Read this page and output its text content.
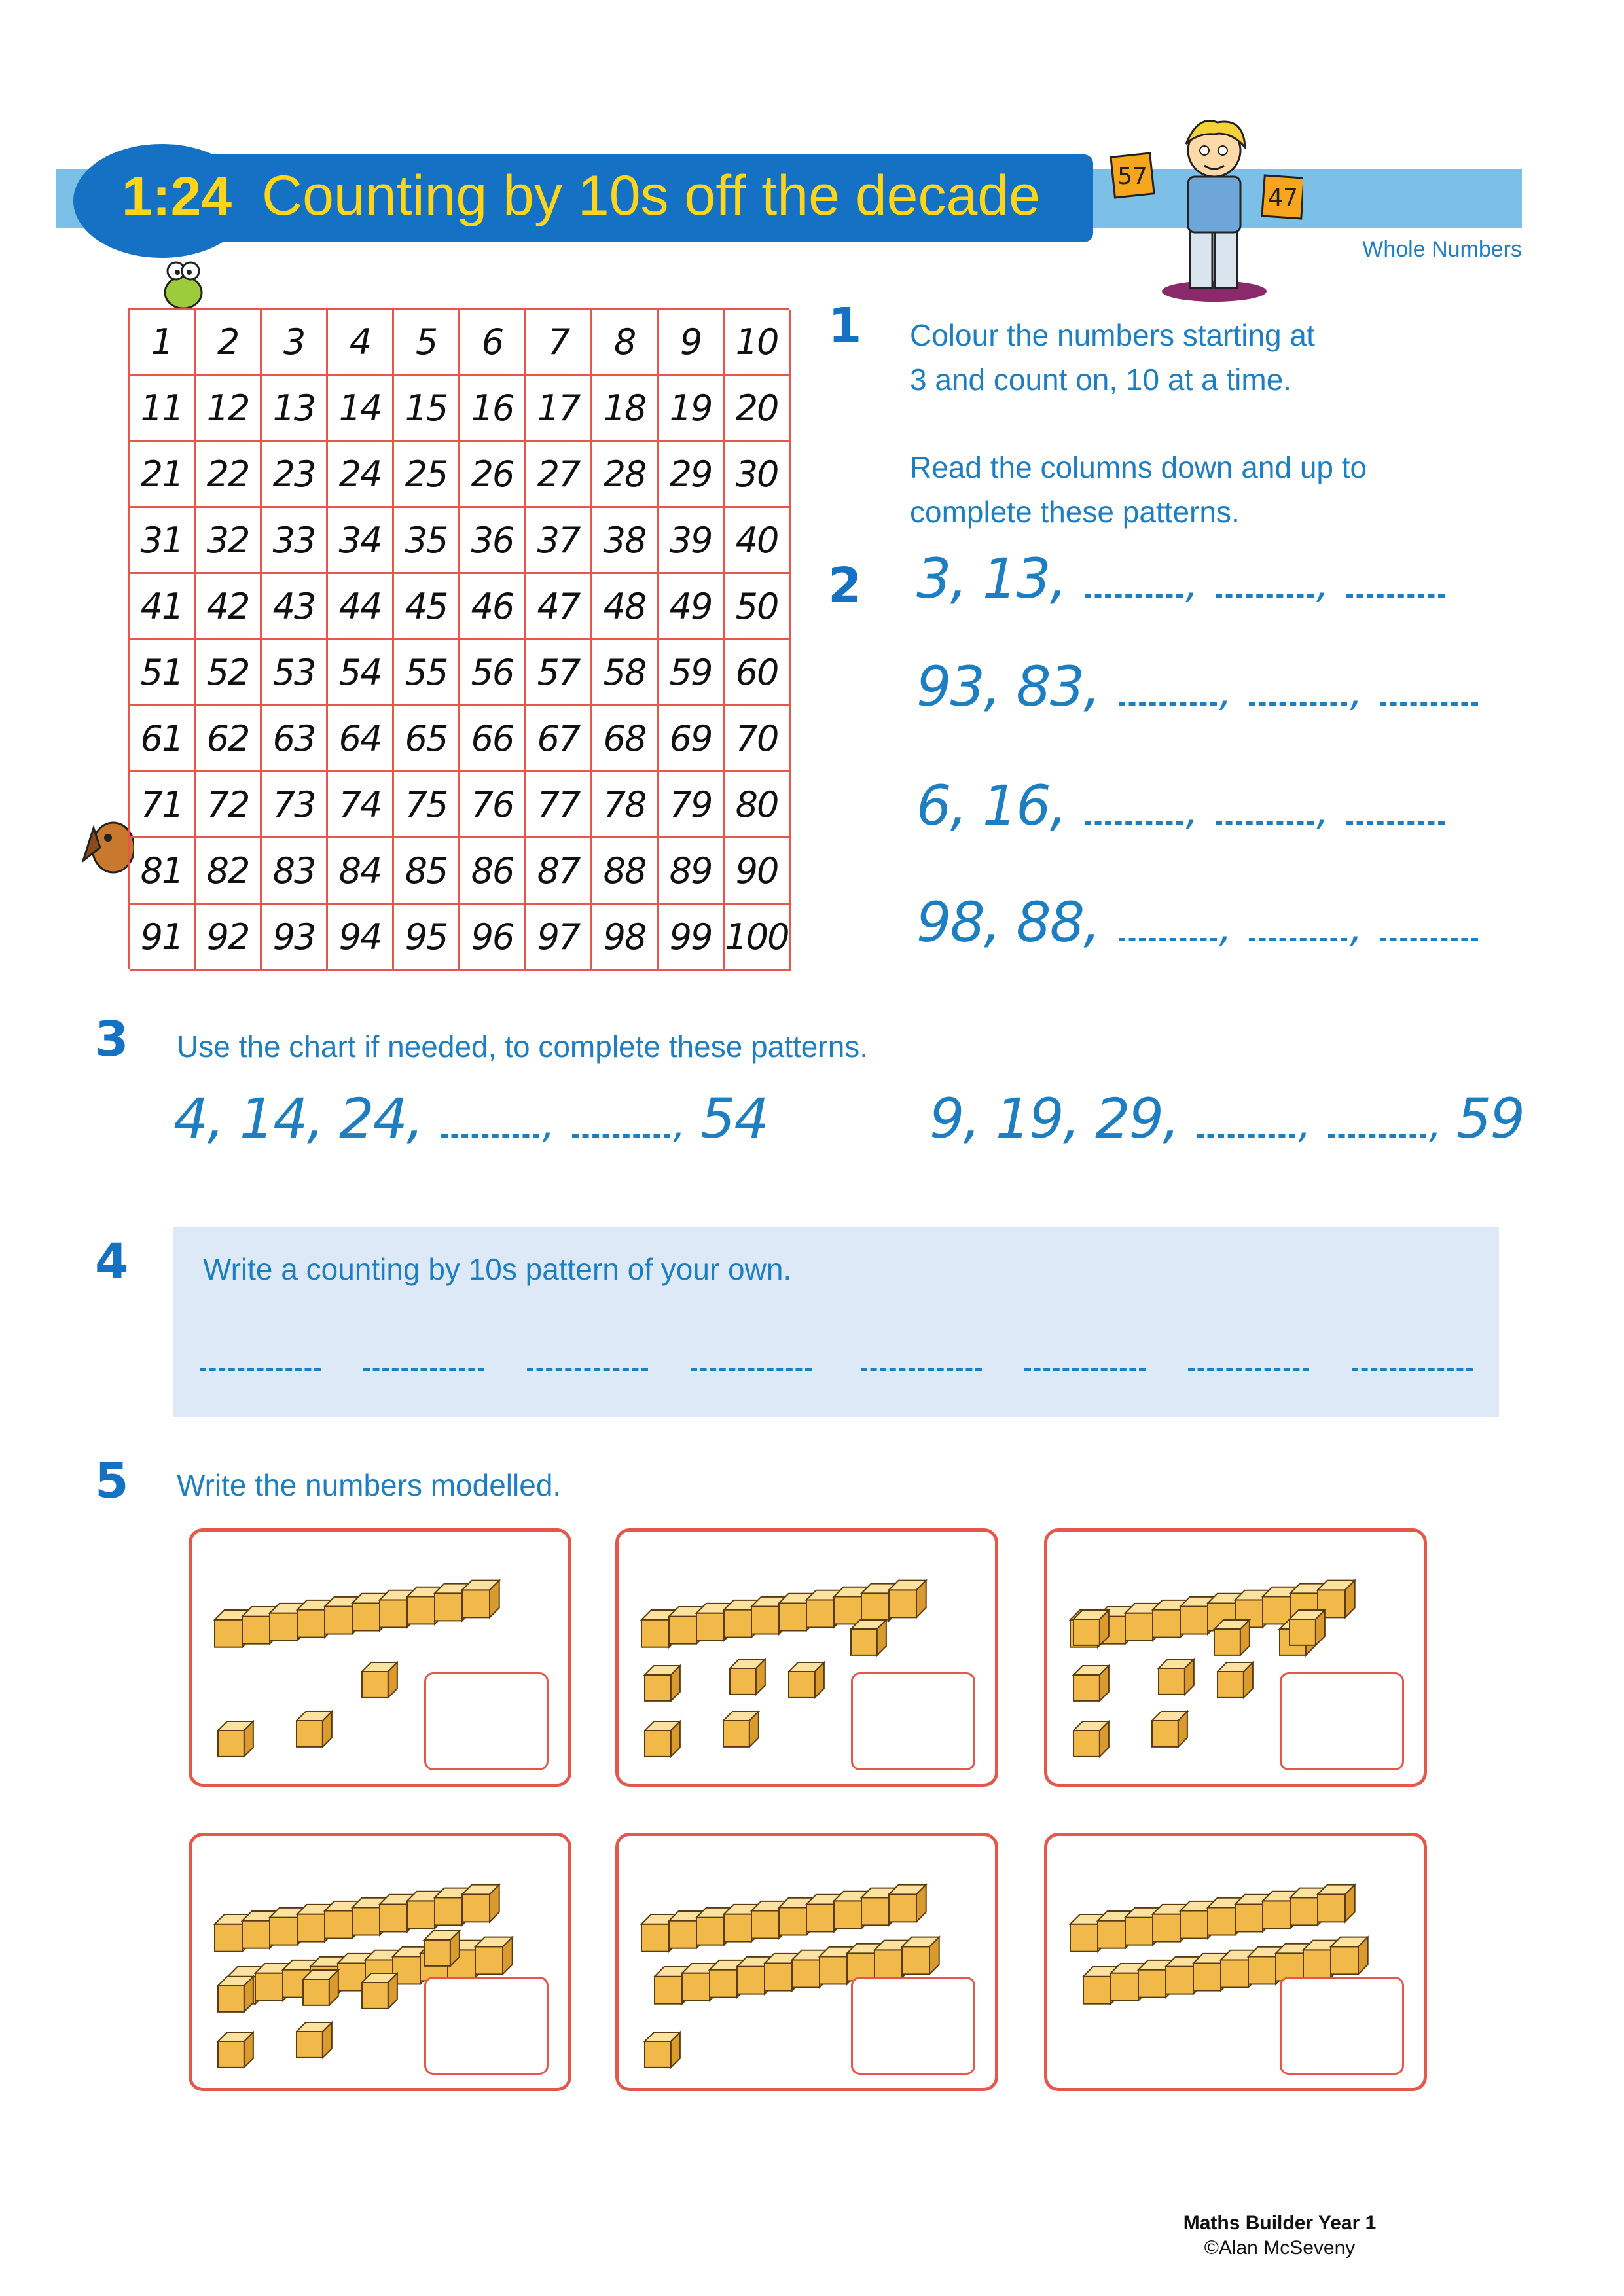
1:24 Counting by 10s off the decade
Whole Numbers
57
47
1	2	3	4	5	6	7	8	9 10
11 12 13 14 15 16 17 18 19 20
21 22 23 24 25 26 27 28 29 30
31 32 33 34 35 36 37 38 39 40
41 42 43 44 45 46 47 48 49 50
51 52 53 54 55 56 57 58 59 60
61 62 63 64 65 66 67 68 69 70
71 72 73 74 75 76 77 78 79 80
81 82 83 84 85 86 87 88 89 90
91 92 93 94 95 96 97 98 99 100
1 Colour the numbers starting at
3 and count on, 10 at a time.
Read the columns down and up to
complete these patterns.
2 3, 13,	,	,
93, 83,	,	,
6, 16,	,	,
98, 88,	,	,
3 Use the chart if needed, to complete these patterns.
4, 14, 24,	,	, 54	9, 19, 29,	,	, 59
4 Write a counting by 10s pattern of your own.
5 Write the numbers modelled.
Maths Builder Year 1
©Alan McSeveny
